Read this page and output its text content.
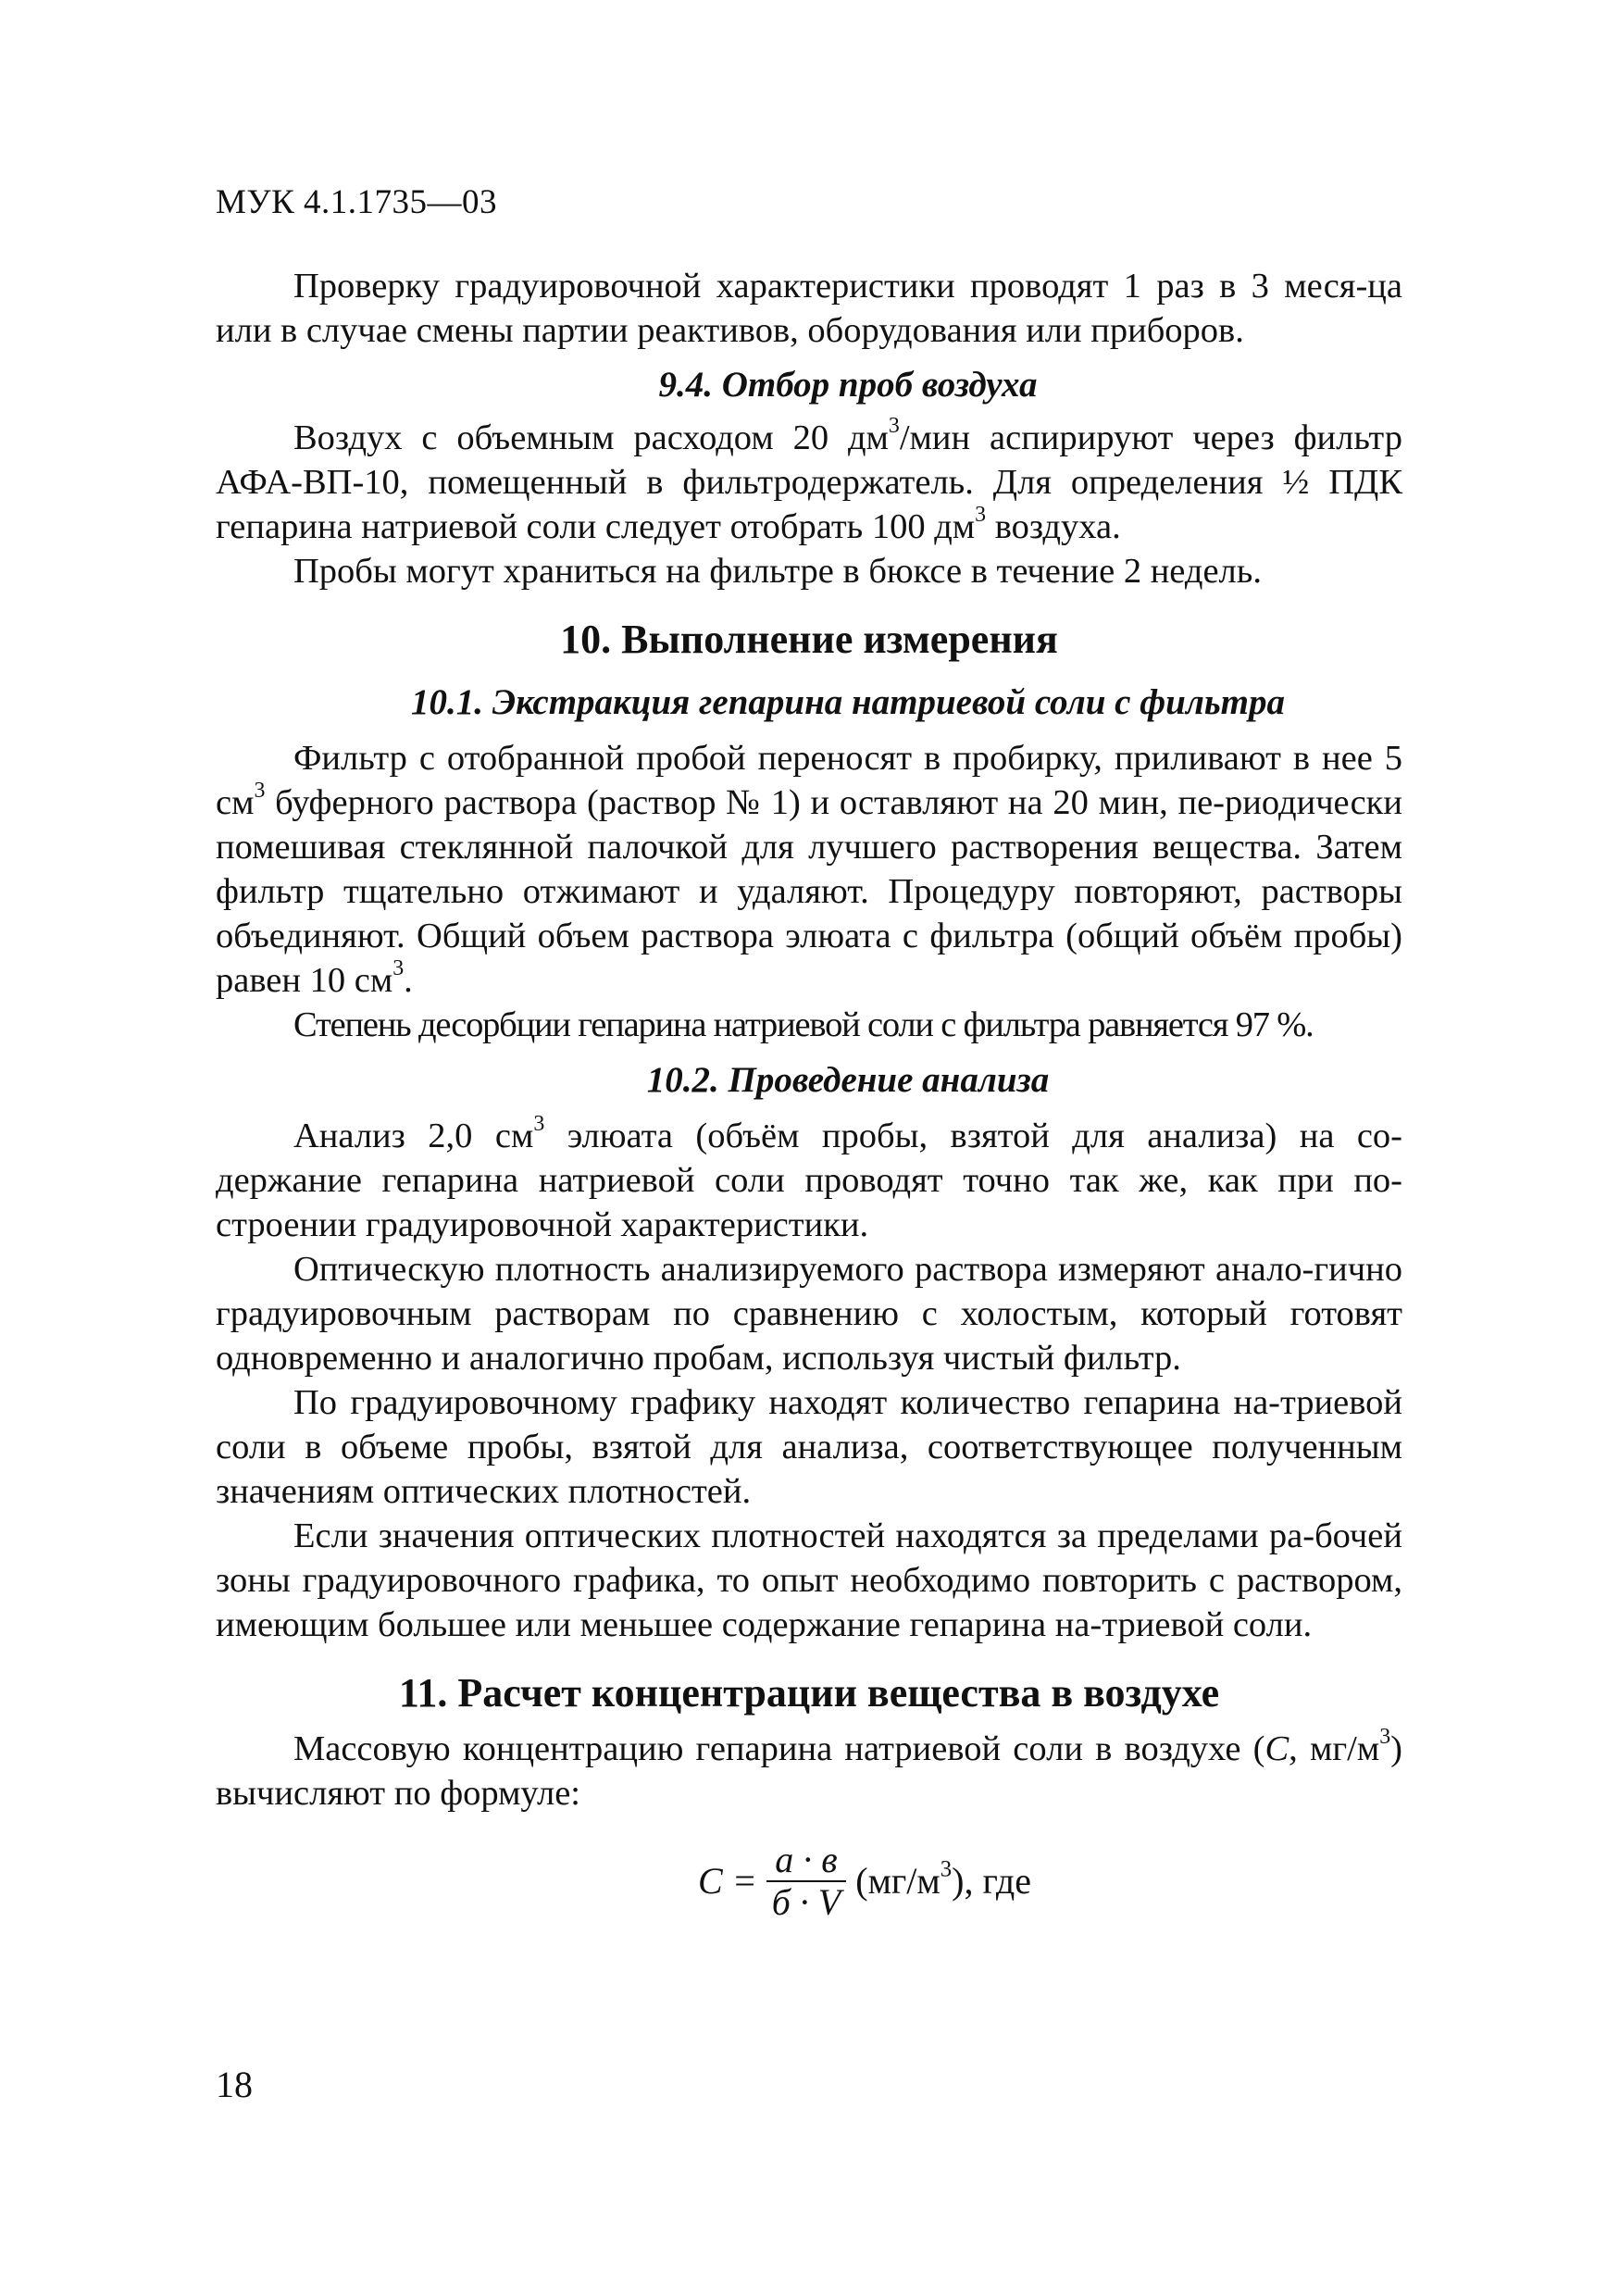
МУК 4.1.1735—03

Проверку градуировочной характеристики проводят 1 раз в 3 меся-ца или в случае смены партии реактивов, оборудования или приборов.

9.4. Отбор проб воздуха

Воздух с объемным расходом 20 $дм^3$/мин аспирируют через фильтр АФА-ВП-10, помещенный в фильтродержатель. Для определения ½ ПДК гепарина натриевой соли следует отобрать 100 $дм^3$ воздуха.

Пробы могут храниться на фильтре в бюксе в течение 2 недель.

10. Выполнение измерения

10.1. Экстракция гепарина натриевой соли с фильтра

Фильтр с отобранной пробой переносят в пробирку, приливают в нее 5 $см^3$ буферного раствора (раствор № 1) и оставляют на 20 мин, пе-риодически помешивая стеклянной палочкой для лучшего растворения вещества. Затем фильтр тщательно отжимают и удаляют. Процедуру повторяют, растворы объединяют. Общий объем раствора элюата с фильтра (общий объём пробы) равен 10 $см^3$.

Степень десорбции гепарина натриевой соли с фильтра равняется 97 %.

10.2. Проведение анализа

Анализ 2,0 $см^3$ элюата (объём пробы, взятой для анализа) на со-держание гепарина натриевой соли проводят точно так же, как при по-строении градуировочной характеристики.

Оптическую плотность анализируемого раствора измеряют анало-гично градуировочным растворам по сравнению с холостым, который готовят одновременно и аналогично пробам, используя чистый фильтр.

По градуировочному графику находят количество гепарина на-триевой соли в объеме пробы, взятой для анализа, соответствующее полученным значениям оптических плотностей.

Если значения оптических плотностей находятся за пределами ра-бочей зоны градуировочного графика, то опыт необходимо повторить с раствором, имеющим большее или меньшее содержание гепарина на-триевой соли.

11. Расчет концентрации вещества в воздухе

Массовую концентрацию гепарина натриевой соли в воздухе (С, $мг/м^3$) вычисляют по формуле:

$С = \frac{а \cdot в}{б \cdot V} (мг/м^3)$, где
18
